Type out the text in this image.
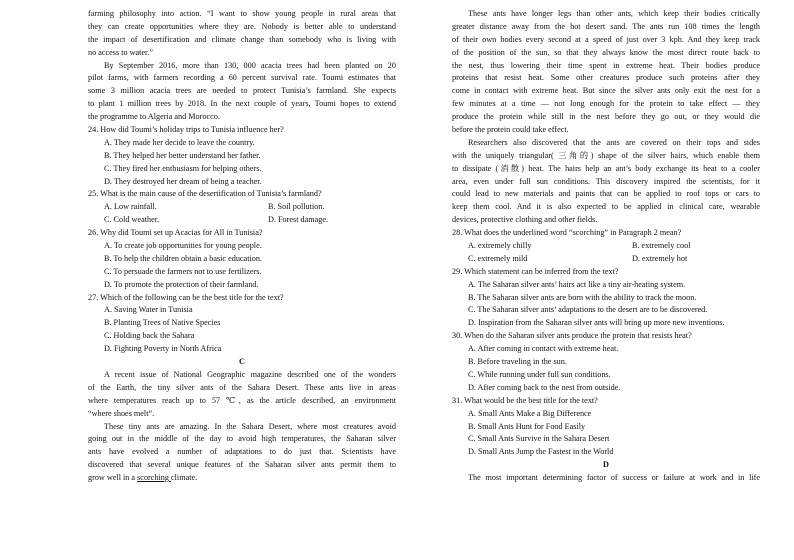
farming philosophy into action. “I want to show young people in rural areas that
they can create opportunities where they are. Nobody is better able to understand
the impact of desertification and climate change than somebody who is living with
no access to water.”
By September 2016, more than 130, 000 acacia trees had been planted on 20
pilot farms, with farmers recording a 60 percent survival rate. Toumi estimates that
some 3 million acacia trees are needed to protect Tunisia’s farmland. She expects
to plant 1 million trees by 2018. In the next couple of years, Toumi hopes to extend
the programme to Algeria and Morocco.
24. How did Toumi’s holiday trips to Tunisia influence her?
A. They made her decide to leave the country.
B. They helped her better understand her father.
C. They fired her enthusiasm for helping others.
D. They destroyed her dream of being a teacher.
25. What is the main cause of the desertification of Tunisia’s farmland?
A. Low rainfall.	B. Soil pollution.
C. Cold weather.	D. Forest damage.
26. Why did Toumi set up Acacias for All in Tunisia?
A. To create job opportunities for young people.
B. To help the children obtain a basic education.
C. To persuade the farmers not to use fertilizers.
D. To promote the protection of their farmland.
27. Which of the following can be the best title for the text?
A. Saving Water in Tunisia
B. Planting Trees of Native Species
C. Holding back the Sahara
D. Fighting Poverty in North Africa
C
A recent issue of National Geographic magazine described one of the wonders
of the Earth, the tiny silver ants of the Sahara Desert. These ants live in areas
where temperatures reach up to 57 ℃, as the article described, an environment
“where shoes melt”.
These tiny ants are amazing. In the Sahara Desert, where most creatures avoid
going out in the middle of the day to avoid high temperatures, the Saharan silver
ants have evolved a number of adaptations to do just that. Scientists have
discovered that several unique features of the Saharan silver ants permit them to
grow well in a scorching climate.
These ants have longer legs than other ants, which keep their bodies critically
greater distance away from the hot desert sand. The ants run 108 times the length
of their own bodies every second at a speed of just over 3 kph. And they keep track
of the position of the sun, so that they always know the most direct route back to
the nest, thus lowering their time spent in extreme heat. Their bodies produce
proteins that resist heat. Some other creatures produce such proteins after they
come in contact with extreme heat. But since the silver ants only exit the nest for a
few minutes at a time — not long enough for the protein to take effect — they
produce the protein while still in the nest before they go out, or they would die
before the protein could take effect.
Researchers also discovered that the ants are covered on their tops and sides
with the uniquely triangular( 三角的) shape of the silver hairs, which enable them
to dissipate (消散) heat. The hairs help an ant’s body exchange its heat to a cooler
area, even under full sun conditions. This discovery inspired the scientists, for it
could lead to new materials and paints that can be applied to roof tops or cars to
keep them cool. And it is also expected to be applied in clinical care, wearable
devices, protective clothing and other fields.
28. What does the underlined word “scorching” in Paragraph 2 mean?
A. extremely chilly	B. extremely cool
C. extremely mild	D. extremely hot
29. Which statement can be inferred from the text?
A. The Saharan silver ants’ hairs act like a tiny air-heating system.
B. The Saharan silver ants are born with the ability to track the moon.
C. The Saharan silver ants’ adaptations to the desert are to be discovered.
D. Inspiration from the Saharan silver ants will bring up more new inventions.
30. When do the Saharan silver ants produce the protein that resists heat?
A. After coming in contact with extreme heat.
B. Before traveling in the sun.
C. While running under full sun conditions.
D. After coming back to the nest from outside.
31. What would be the best title for the text?
A. Small Ants Make a Big Difference
B. Small Ants Hunt for Food Easily
C. Small Ants Survive in the Sahara Desert
D. Small Ants Jump the Fastest in the World
D
The most important determining factor of success or failure at work and in life
